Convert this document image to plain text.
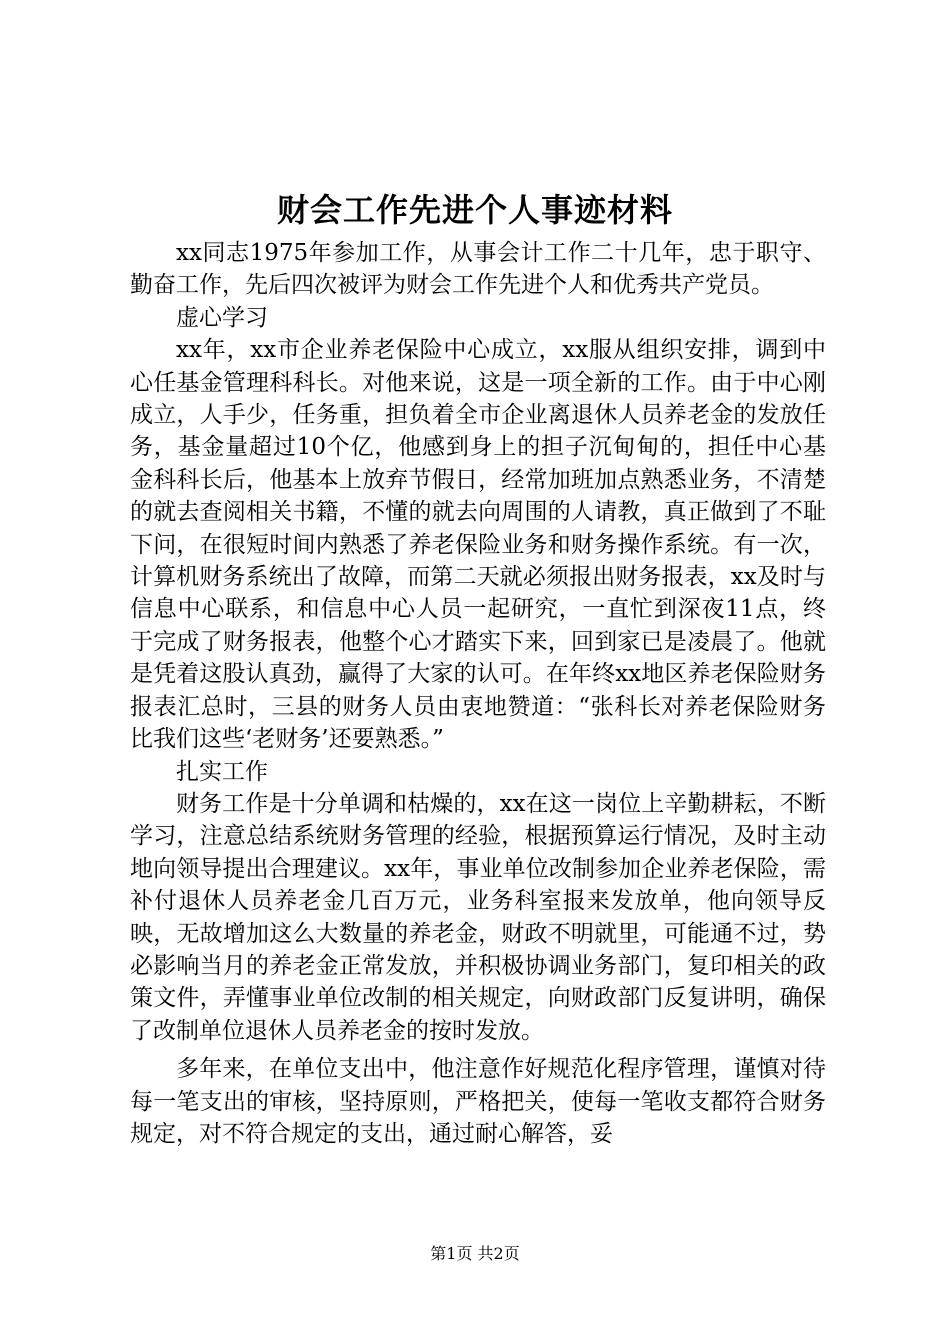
财会工作先进个人事迹材料

xx同志1975年参加工作，从事会计工作二十几年，忠于职守、勤奋工作，先后四次被评为财会工作先进个人和优秀共产党员。

虚心学习

xx年，xx市企业养老保险中心成立，xx服从组织安排，调到中心任基金管理科科长。对他来说，这是一项全新的工作。由于中心刚成立，人手少，任务重，担负着全市企业离退休人员养老金的发放任务，基金量超过10个亿，他感到身上的担子沉甸甸的，担任中心基金科科长后，他基本上放弃节假日，经常加班加点熟悉业务，不清楚的就去查阅相关书籍，不懂的就去向周围的人请教，真正做到了不耻下问，在很短时间内熟悉了养老保险业务和财务操作系统。有一次，计算机财务系统出了故障，而第二天就必须报出财务报表，xx及时与信息中心联系，和信息中心人员一起研究，一直忙到深夜11点，终于完成了财务报表，他整个心才踏实下来，回到家已是凌晨了。他就是凭着这股认真劲，赢得了大家的认可。在年终xx地区养老保险财务报表汇总时，三县的财务人员由衷地赞道：“张科长对养老保险财务比我们这些‘老财务’还要熟悉。”

扎实工作

财务工作是十分单调和枯燥的，xx在这一岗位上辛勤耕耘，不断学习，注意总结系统财务管理的经验，根据预算运行情况，及时主动地向领导提出合理建议。xx年，事业单位改制参加企业养老保险，需补付退休人员养老金几百万元，业务科室报来发放单，他向领导反映，无故增加这么大数量的养老金，财政不明就里，可能通不过，势必影响当月的养老金正常发放，并积极协调业务部门，复印相关的政策文件，弄懂事业单位改制的相关规定，向财政部门反复讲明，确保了改制单位退休人员养老金的按时发放。

多年来，在单位支出中，他注意作好规范化程序管理，谨慎对待每一笔支出的审核，坚持原则，严格把关，使每一笔收支都符合财务规定，对不符合规定的支出，通过耐心解答，妥

第1页 共2页
